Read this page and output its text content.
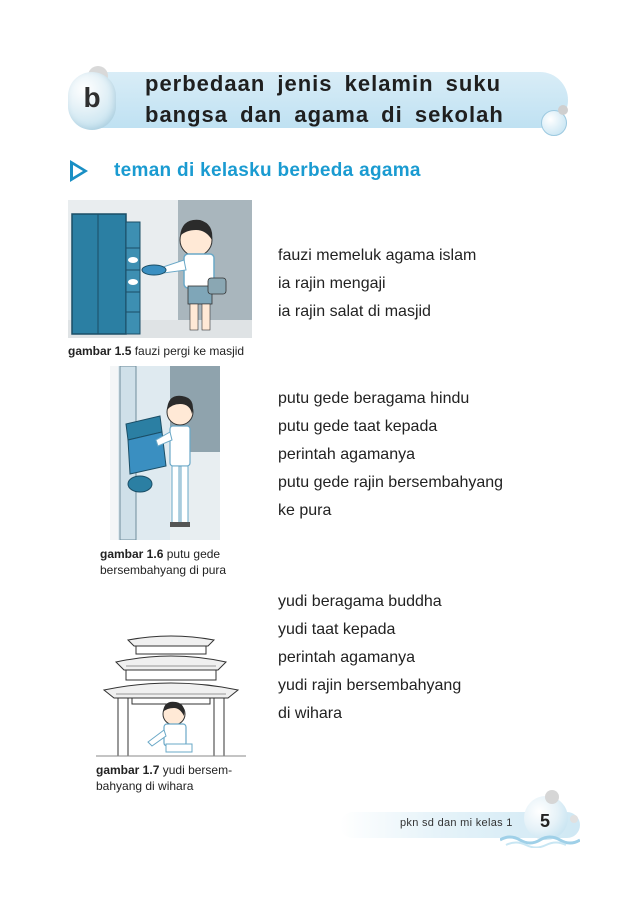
b	perbedaan jenis kelamin suku
bangsa dan agama di sekolah
teman di kelasku berbeda agama
gambar 1.5 fauzi pergi ke masjid
gambar 1.6 putu gede
bersembahyang di pura
gambar 1.7 yudi bersem-
bahyang di wihara
fauzi memeluk agama islam
ia rajin mengaji
ia rajin salat di masjid
putu gede beragama hindu
putu gede taat kepada
perintah agamanya
putu gede rajin bersembahyang
ke pura
yudi beragama buddha
yudi taat kepada
perintah agamanya
yudi rajin bersembahyang
di wihara
pkn sd dan mi kelas 1 5
